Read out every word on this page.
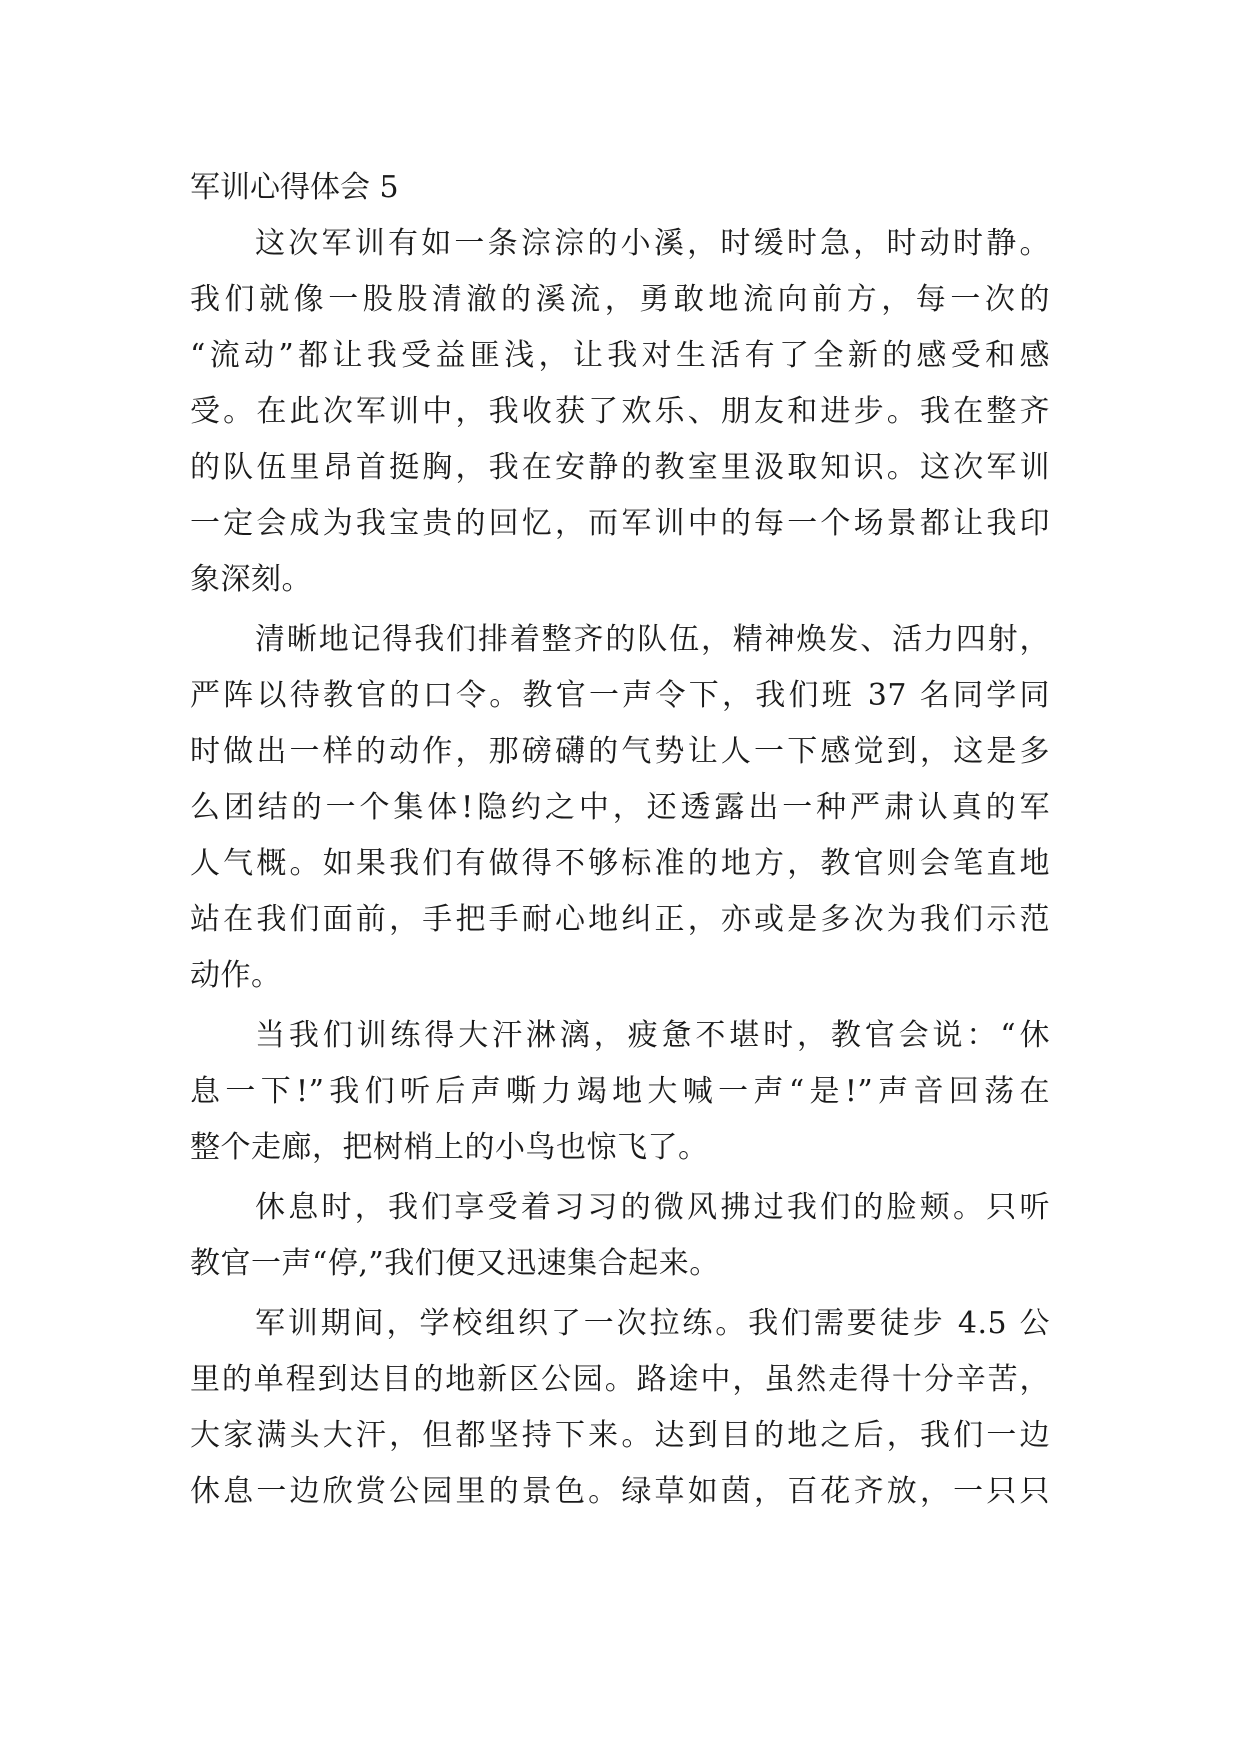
军训心得体会 5

这次军训有如一条淙淙的小溪，时缓时急，时动时静。

我们就像一股股清澈的溪流，勇敢地流向前方，每一次的

“流动”都让我受益匪浅，让我对生活有了全新的感受和感

受。在此次军训中，我收获了欢乐、朋友和进步。我在整齐

的队伍里昂首挺胸，我在安静的教室里汲取知识。这次军训

一定会成为我宝贵的回忆，而军训中的每一个场景都让我印

象深刻。

清晰地记得我们排着整齐的队伍，精神焕发、活力四射，

严阵以待教官的口令。教官一声令下，我们班 37 名同学同

时做出一样的动作，那磅礴的气势让人一下感觉到，这是多

么团结的一个集体!隐约之中，还透露出一种严肃认真的军

人气概。如果我们有做得不够标准的地方，教官则会笔直地

站在我们面前，手把手耐心地纠正，亦或是多次为我们示范

动作。

当我们训练得大汗淋漓，疲惫不堪时，教官会说：“休

息一下!”我们听后声嘶力竭地大喊一声“是!”声音回荡在

整个走廊，把树梢上的小鸟也惊飞了。

休息时，我们享受着习习的微风拂过我们的脸颊。只听

教官一声“停,”我们便又迅速集合起来。

军训期间，学校组织了一次拉练。我们需要徒步 4.5 公

里的单程到达目的地新区公园。路途中，虽然走得十分辛苦，

大家满头大汗，但都坚持下来。达到目的地之后，我们一边

休息一边欣赏公园里的景色。绿草如茵，百花齐放，一只只
